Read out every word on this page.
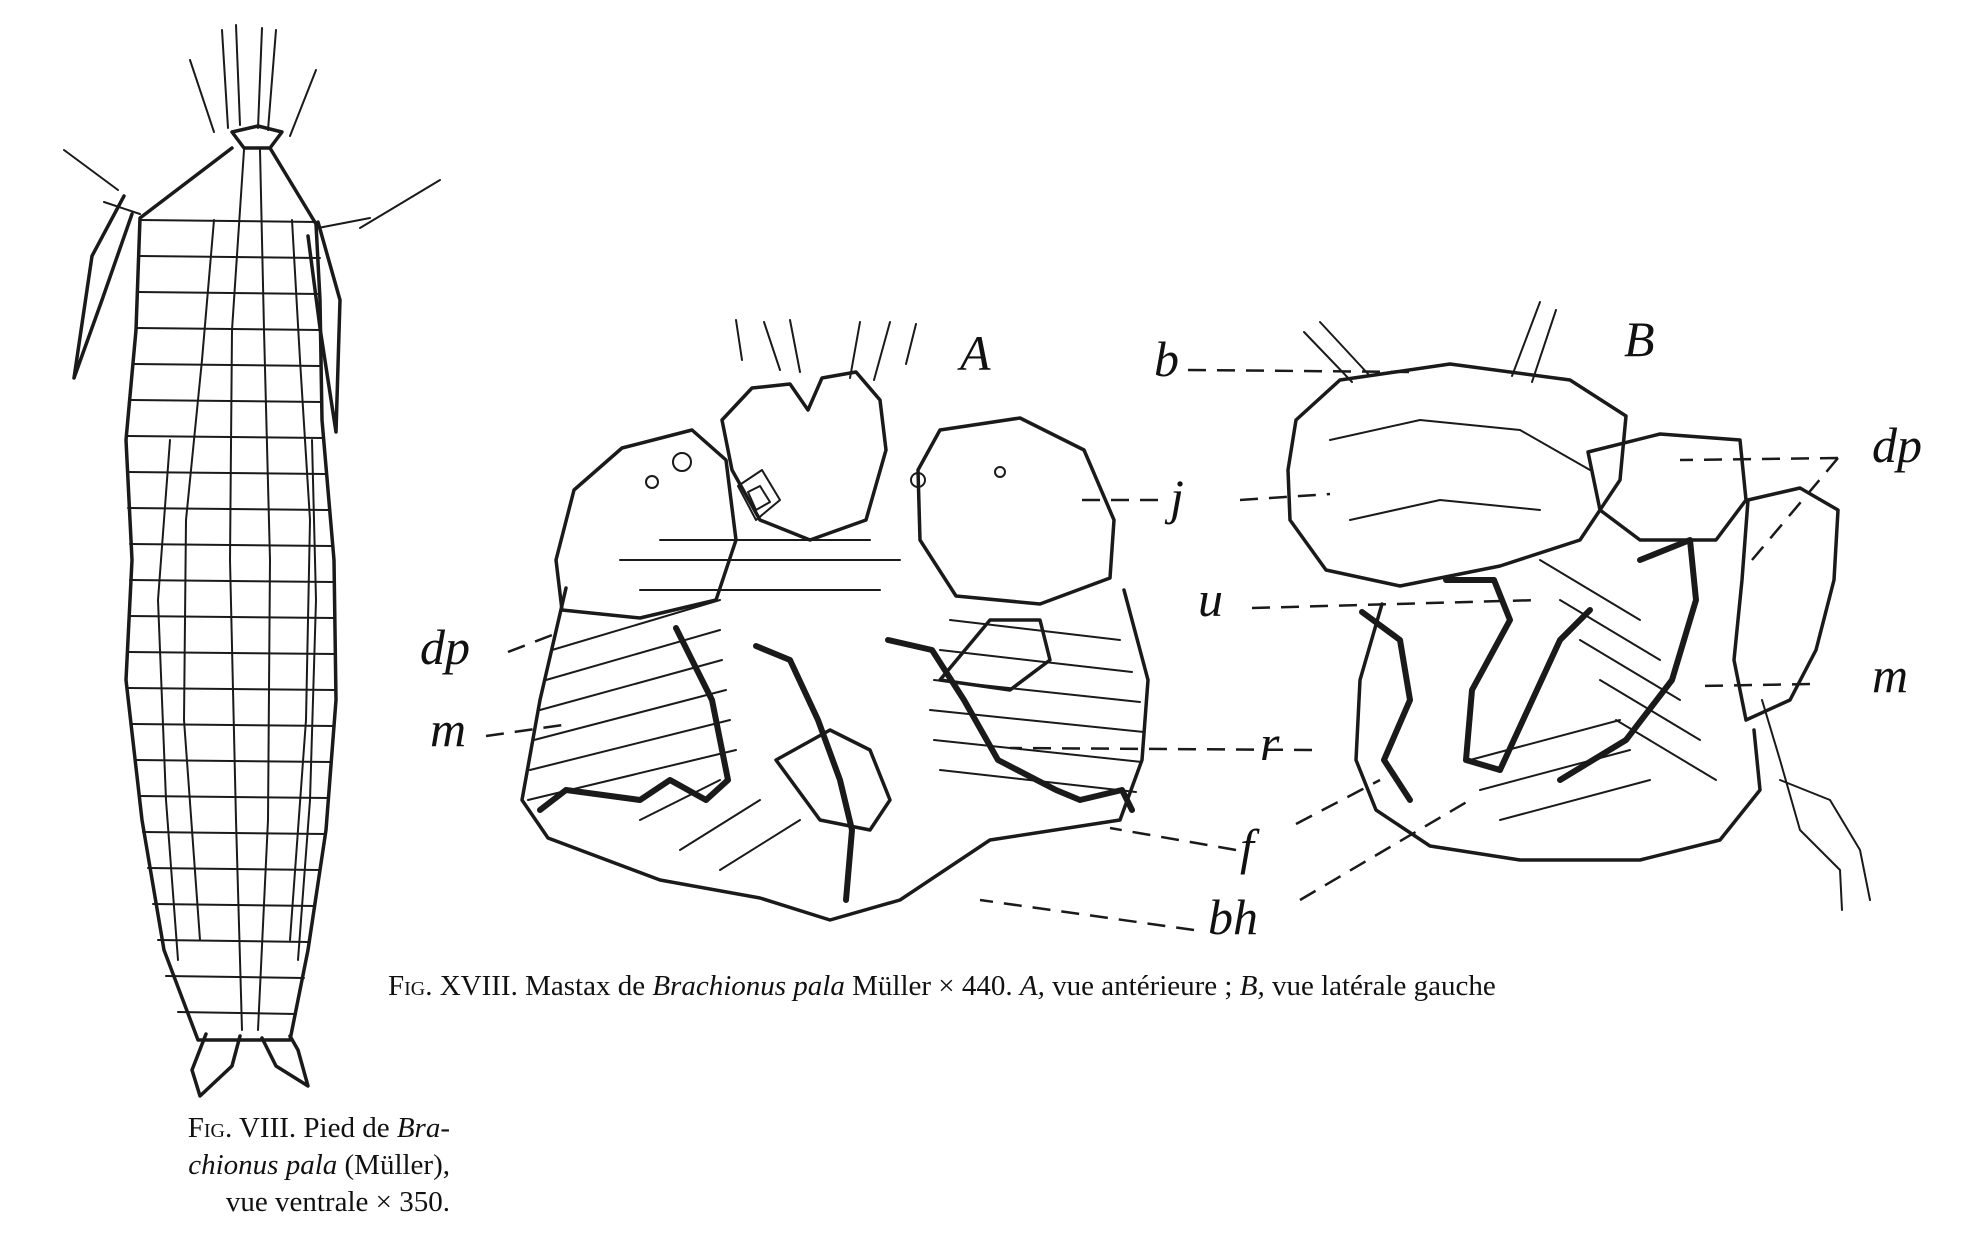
A	B
dp
m
j
u
r
f
bh
b
dp
m
Fig. VIII. Pied de Bra-
chionus pala (Müller),
vue ventrale × 350.
Fig. XVIII. Mastax de Brachionus pala Müller × 440. A, vue antérieure ; B, vue latérale gauche
